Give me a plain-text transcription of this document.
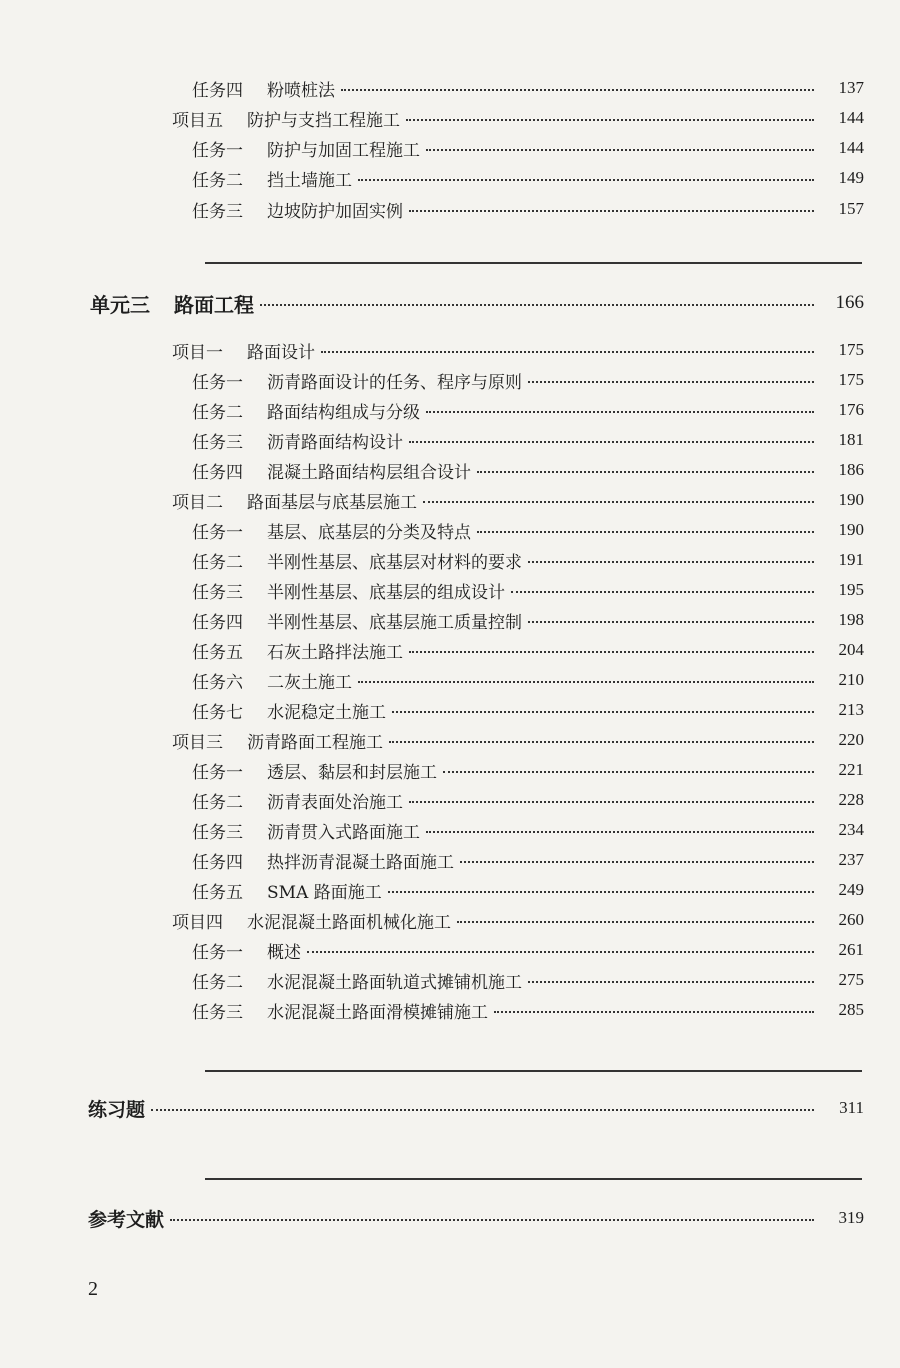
任务四 粉喷桩法	137
项目五 防护与支挡工程施工	144
任务一 防护与加固工程施工	144
任务二 挡土墙施工	149
任务三 边坡防护加固实例	157
单元三 路面工程	166
项目一 路面设计	175
任务一 沥青路面设计的任务、程序与原则	175
任务二 路面结构组成与分级	176
任务三 沥青路面结构设计	181
任务四 混凝土路面结构层组合设计	186
项目二 路面基层与底基层施工	190
任务一 基层、底基层的分类及特点	190
任务二 半刚性基层、底基层对材料的要求	191
任务三 半刚性基层、底基层的组成设计	195
任务四 半刚性基层、底基层施工质量控制	198
任务五 石灰土路拌法施工	204
任务六 二灰土施工	210
任务七 水泥稳定土施工	213
项目三 沥青路面工程施工	220
任务一 透层、黏层和封层施工	221
任务二 沥青表面处治施工	228
任务三 沥青贯入式路面施工	234
任务四 热拌沥青混凝土路面施工	237
任务五 SMA 路面施工	249
项目四 水泥混凝土路面机械化施工	260
任务一 概述	261
任务二 水泥混凝土路面轨道式摊铺机施工	275
任务三 水泥混凝土路面滑模摊铺施工	285
练习题	311
参考文献	319
2
